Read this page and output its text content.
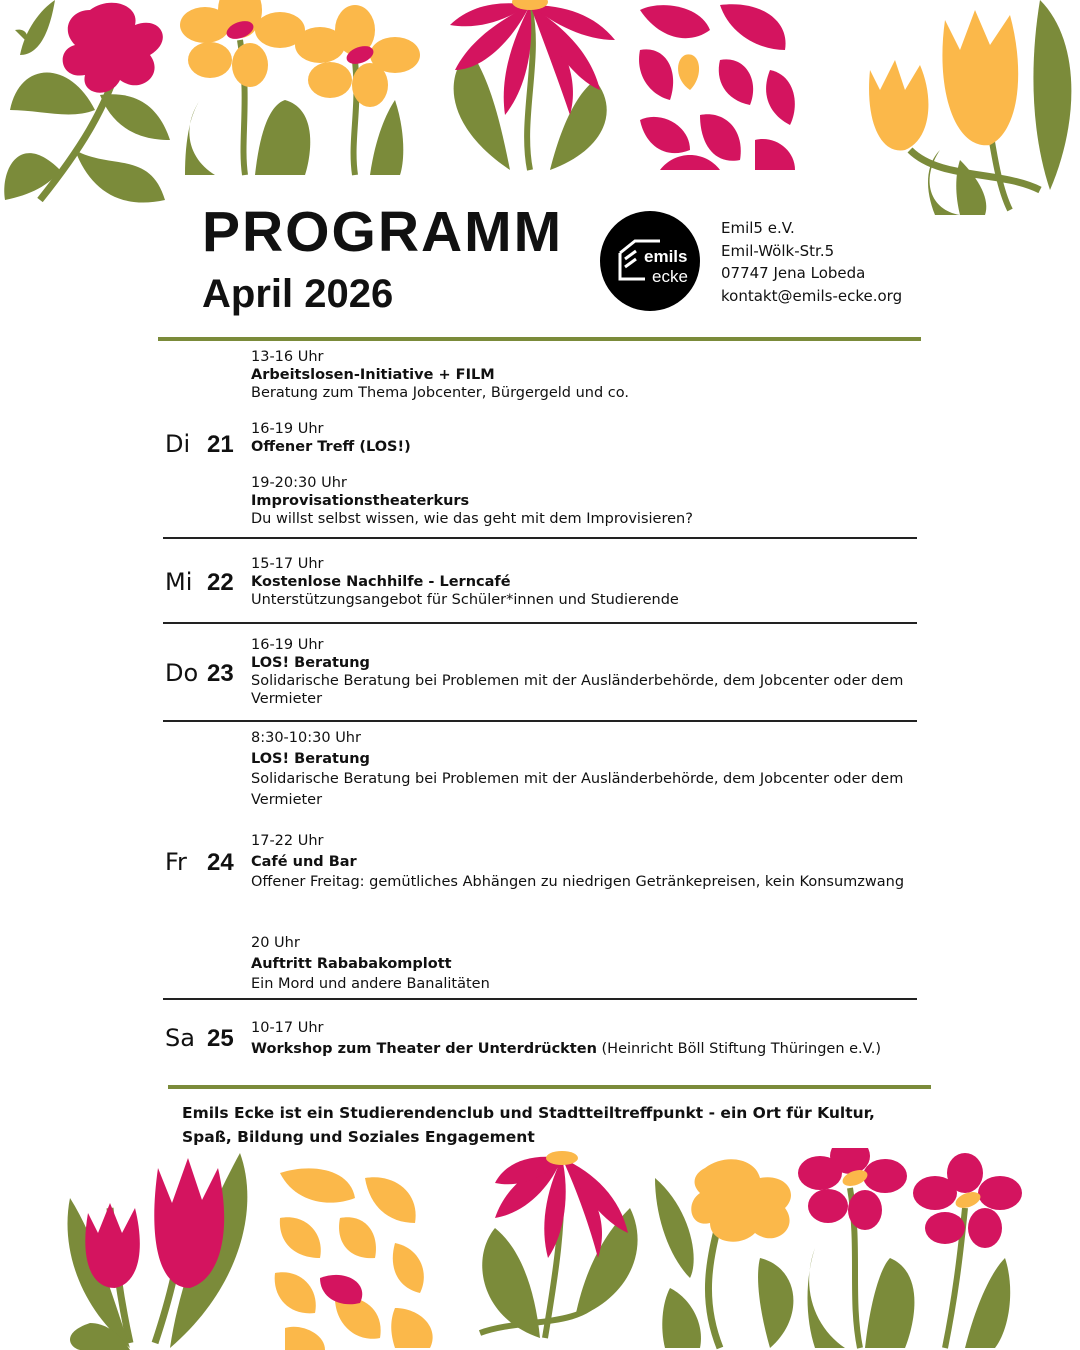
PROGRAMM
April 2026
emils
ecke
Emil5 e.V.
Emil-Wölk-Str.5
07747 Jena Lobeda
kontakt@emils-ecke.org
Di 21
13-16 Uhr
Arbeitslosen-Initiative + FILM
Beratung zum Thema Jobcenter, Bürgergeld und co.
16-19 Uhr
Offener Treff (LOS!)
19-20:30 Uhr
Improvisationstheaterkurs
Du willst selbst wissen, wie das geht mit dem Improvisieren?
Mi 22
15-17 Uhr
Kostenlose Nachhilfe - Lerncafé
Unterstützungsangebot für Schüler*innen und Studierende
Do 23
16-19 Uhr
LOS! Beratung
Solidarische Beratung bei Problemen mit der Ausländerbehörde, dem Jobcenter oder dem Vermieter
Fr 24
8:30-10:30 Uhr
LOS! Beratung
Solidarische Beratung bei Problemen mit der Ausländerbehörde, dem Jobcenter oder dem Vermieter
17-22 Uhr
Café und Bar
Offener Freitag: gemütliches Abhängen zu niedrigen Getränkepreisen, kein Konsumzwang
20 Uhr
Auftritt Rababakomplott
Ein Mord und andere Banalitäten
Sa 25 10-17 Uhr
Workshop zum Theater der Unterdrückten (Heinricht Böll Stiftung Thüringen e.V.)
Emils Ecke ist ein Studierendenclub und Stadtteiltreffpunkt - ein Ort für Kultur, Spaß, Bildung und Soziales Engagement
